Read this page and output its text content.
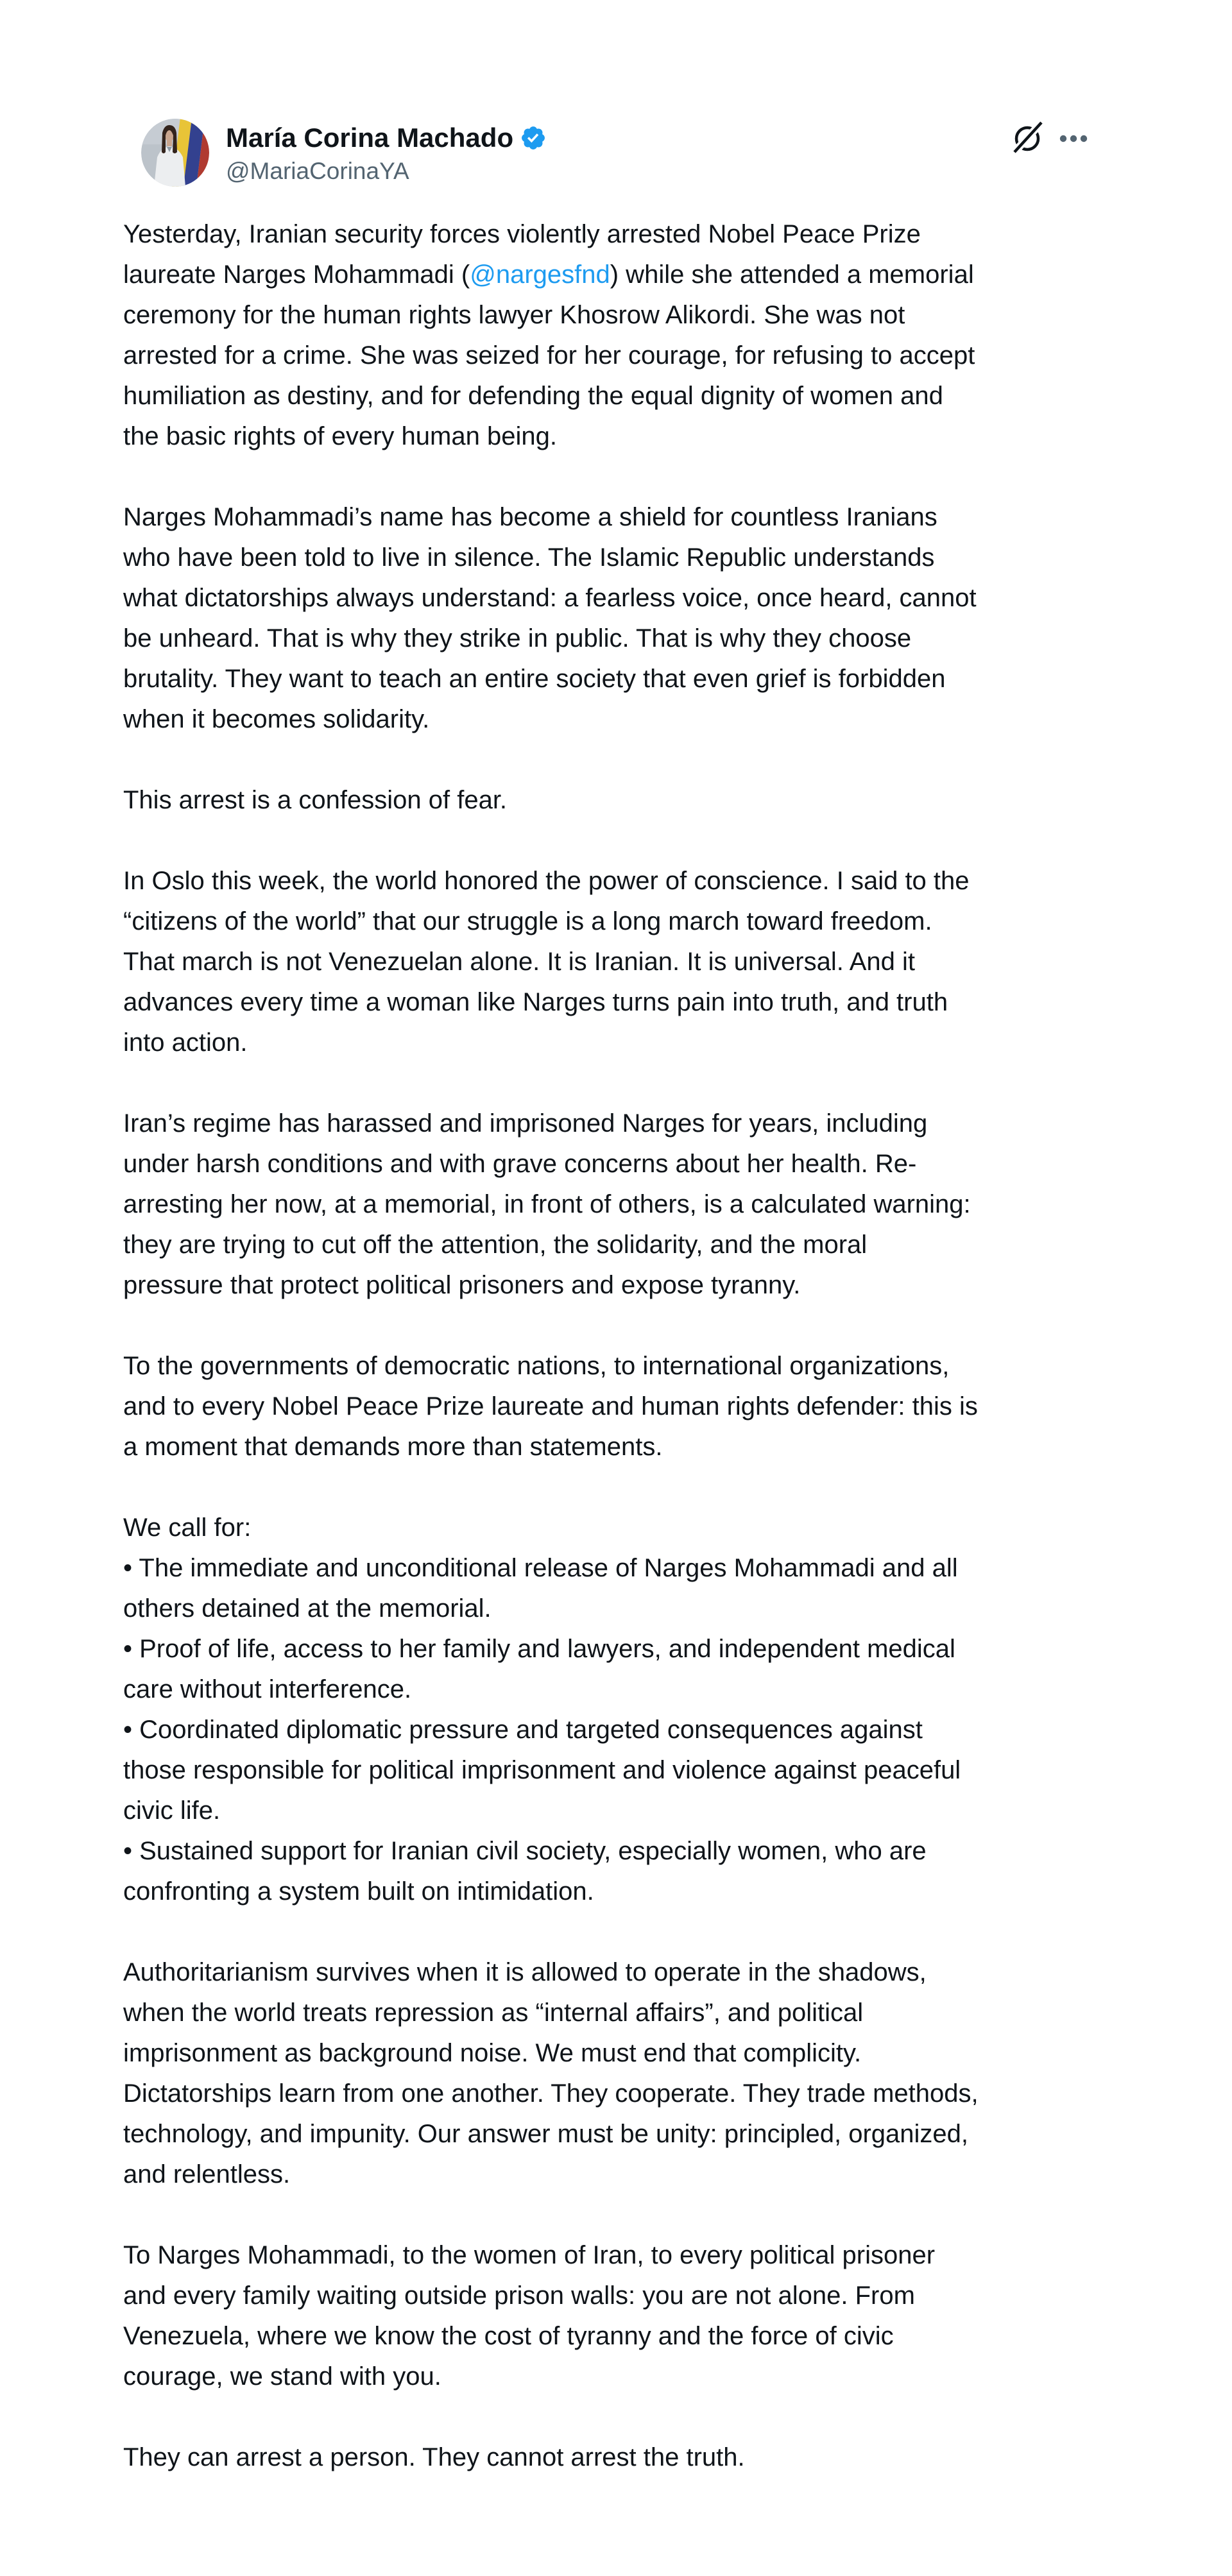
María Corina Machado
@MariaCorinaYA
Yesterday, Iranian security forces violently arrested Nobel Peace Prize
laureate Narges Mohammadi (@nargesfnd) while she attended a memorial
ceremony for the human rights lawyer Khosrow Alikordi. She was not
arrested for a crime. She was seized for her courage, for refusing to accept
humiliation as destiny, and for defending the equal dignity of women and
the basic rights of every human being.
Narges Mohammadi’s name has become a shield for countless Iranians
who have been told to live in silence. The Islamic Republic understands
what dictatorships always understand: a fearless voice, once heard, cannot
be unheard. That is why they strike in public. That is why they choose
brutality. They want to teach an entire society that even grief is forbidden
when it becomes solidarity.
This arrest is a confession of fear.
In Oslo this week, the world honored the power of conscience. I said to the
“citizens of the world” that our struggle is a long march toward freedom.
That march is not Venezuelan alone. It is Iranian. It is universal. And it
advances every time a woman like Narges turns pain into truth, and truth
into action.
Iran’s regime has harassed and imprisoned Narges for years, including
under harsh conditions and with grave concerns about her health. Re-
arresting her now, at a memorial, in front of others, is a calculated warning:
they are trying to cut off the attention, the solidarity, and the moral
pressure that protect political prisoners and expose tyranny.
To the governments of democratic nations, to international organizations,
and to every Nobel Peace Prize laureate and human rights defender: this is
a moment that demands more than statements.
We call for:
• The immediate and unconditional release of Narges Mohammadi and all
others detained at the memorial.
• Proof of life, access to her family and lawyers, and independent medical
care without interference.
• Coordinated diplomatic pressure and targeted consequences against
those responsible for political imprisonment and violence against peaceful
civic life.
• Sustained support for Iranian civil society, especially women, who are
confronting a system built on intimidation.
Authoritarianism survives when it is allowed to operate in the shadows,
when the world treats repression as “internal affairs”, and political
imprisonment as background noise. We must end that complicity.
Dictatorships learn from one another. They cooperate. They trade methods,
technology, and impunity. Our answer must be unity: principled, organized,
and relentless.
To Narges Mohammadi, to the women of Iran, to every political prisoner
and every family waiting outside prison walls: you are not alone. From
Venezuela, where we know the cost of tyranny and the force of civic
courage, we stand with you.
They can arrest a person. They cannot arrest the truth.
